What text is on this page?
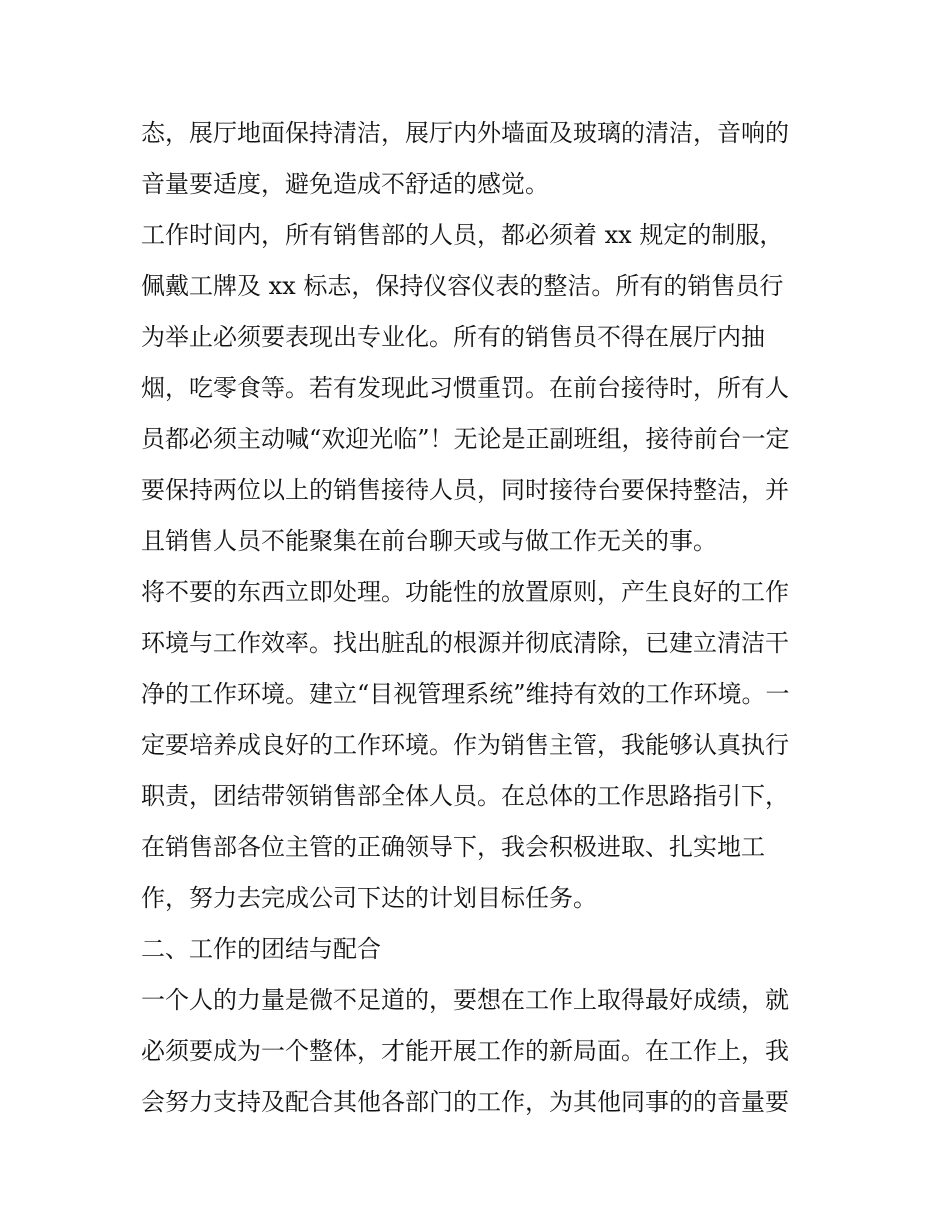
态，展厅地面保持清洁，展厅内外墙面及玻璃的清洁，音响的
音量要适度，避免造成不舒适的感觉。
工作时间内，所有销售部的人员，都必须着 xx 规定的制服，
佩戴工牌及 xx 标志，保持仪容仪表的整洁。所有的销售员行
为举止必须要表现出专业化。所有的销售员不得在展厅内抽
烟，吃零食等。若有发现此习惯重罚。在前台接待时，所有人
员都必须主动喊“欢迎光临”！无论是正副班组，接待前台一定
要保持两位以上的销售接待人员，同时接待台要保持整洁，并
且销售人员不能聚集在前台聊天或与做工作无关的事。
将不要的东西立即处理。功能性的放置原则，产生良好的工作
环境与工作效率。找出脏乱的根源并彻底清除，已建立清洁干
净的工作环境。建立“目视管理系统”维持有效的工作环境。一
定要培养成良好的工作环境。作为销售主管，我能够认真执行
职责，团结带领销售部全体人员。在总体的工作思路指引下，
在销售部各位主管的正确领导下，我会积极进取、扎实地工
作，努力去完成公司下达的计划目标任务。
二、工作的团结与配合
一个人的力量是微不足道的，要想在工作上取得最好成绩，就
必须要成为一个整体，才能开展工作的新局面。在工作上，我
会努力支持及配合其他各部门的工作，为其他同事的的音量要
